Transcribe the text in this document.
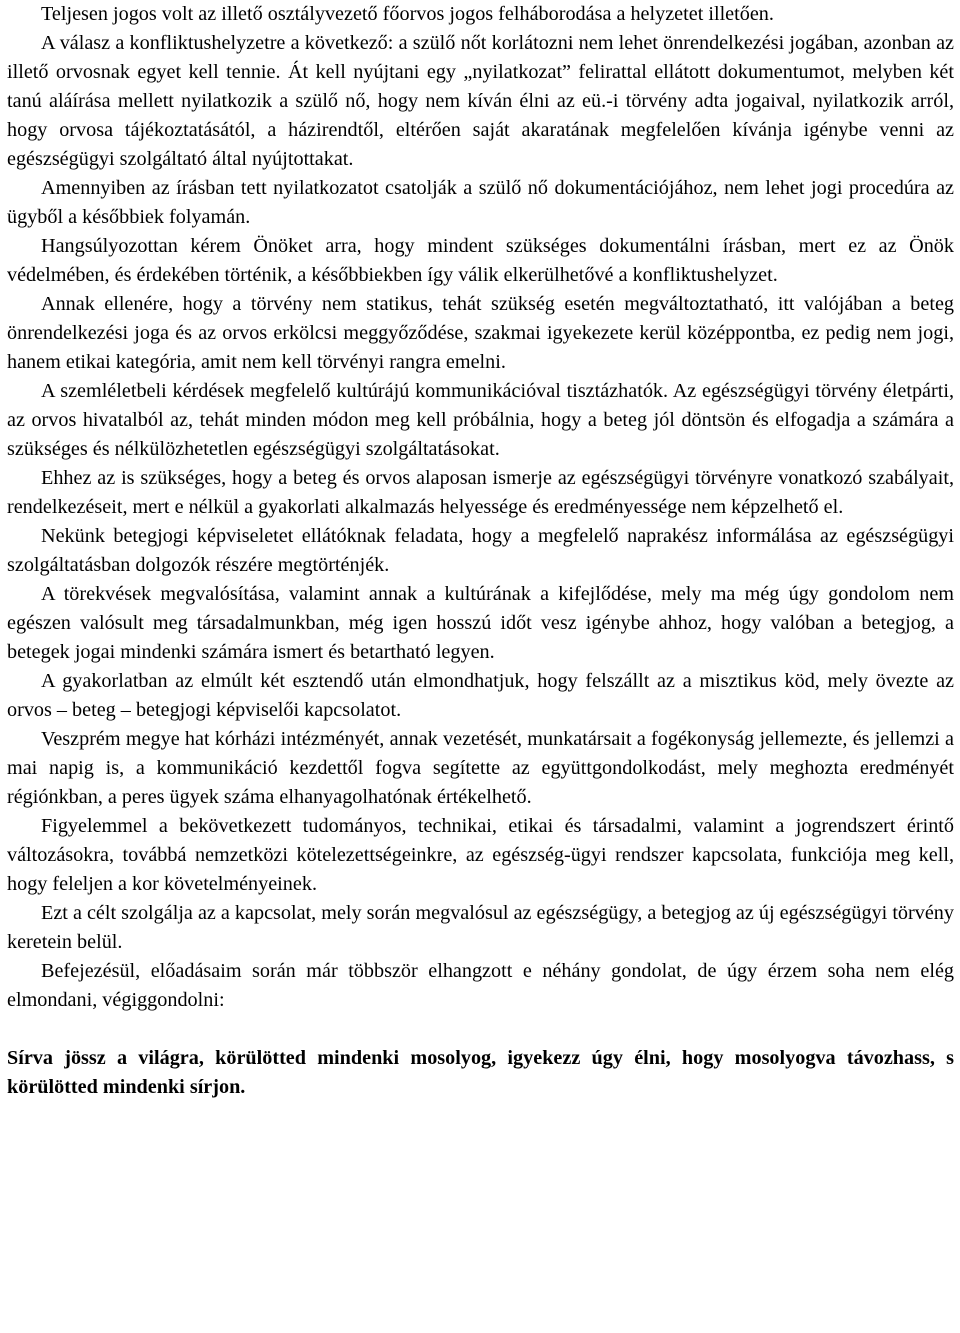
Teljesen jogos volt az illető osztályvezető főorvos jogos felháborodása a helyzetet illetően.

A válasz a konfliktushelyzetre a következő: a szülő nőt korlátozni nem lehet önrendelkezési jogában, azonban az illető orvosnak egyet kell tennie. Át kell nyújtani egy „nyilatkozat” felirattal ellátott dokumentumot, melyben két tanú aláírása mellett nyilatkozik a szülő nő, hogy nem kíván élni az eü.-i törvény adta jogaival, nyilatkozik arról, hogy orvosa tájékoztatásától, a házirendtől, eltérően saját akaratának megfelelően kívánja igénybe venni az egészségügyi szolgáltató által nyújtottakat.

Amennyiben az írásban tett nyilatkozatot csatolják a szülő nő dokumentációjához, nem lehet jogi procedúra az ügyből a későbbiek folyamán.

Hangsúlyozottan kérem Önöket arra, hogy mindent szükséges dokumentálni írásban, mert ez az Önök védelmében, és érdekében történik, a későbbiekben így válik elkerülhetővé a konfliktushelyzet.

Annak ellenére, hogy a törvény nem statikus, tehát szükség esetén megváltoztatható, itt valójában a beteg önrendelkezési joga és az orvos erkölcsi meggyőződése, szakmai igyekezete kerül középpontba, ez pedig nem jogi, hanem etikai kategória, amit nem kell törvényi rangra emelni.

A szemléletbeli kérdések megfelelő kultúrájú kommunikációval tisztázhatók. Az egészségügyi törvény életpárti, az orvos hivatalból az, tehát minden módon meg kell próbálnia, hogy a beteg jól döntsön és elfogadja a számára a szükséges és nélkülözhetetlen egészségügyi szolgáltatásokat.

Ehhez az is szükséges, hogy a beteg és orvos alaposan ismerje az egészségügyi törvényre vonatkozó szabályait, rendelkezéseit, mert e nélkül a gyakorlati alkalmazás helyessége és eredményessége nem képzelhető el.

Nekünk betegjogi képviseletet ellátóknak feladata, hogy a megfelelő naprakész informálása az egészségügyi szolgáltatásban dolgozók részére megtörténjék.

A törekvések megvalósítása, valamint annak a kultúrának a kifejlődése, mely ma még úgy gondolom nem egészen valósult meg társadalmunkban, még igen hosszú időt vesz igénybe ahhoz, hogy valóban a betegjog, a betegek jogai mindenki számára ismert és betartható legyen.

A gyakorlatban az elmúlt két esztendő után elmondhatjuk, hogy felszállt az a misztikus köd, mely övezte az orvos – beteg – betegjogi képviselői kapcsolatot.

Veszprém megye hat kórházi intézményét, annak vezetését, munkatársait a fogékonyság jellemezte, és jellemzi a mai napig is, a kommunikáció kezdettől fogva segítette az együttgondolkodást, mely meghozta eredményét régiónkban, a peres ügyek száma elhanyagolhatónak értékelhető.

Figyelemmel a bekövetkezett tudományos, technikai, etikai és társadalmi, valamint a jogrendszert érintő változásokra, továbbá nemzetközi kötelezettségeinkre, az egészség-ügyi rendszer kapcsolata, funkciója meg kell, hogy feleljen a kor követelményeinek.

Ezt a célt szolgálja az a kapcsolat, mely során megvalósul az egészségügy, a betegjog az új egészségügyi törvény keretein belül.

Befejezésül, előadásaim során már többször elhangzott e néhány gondolat, de úgy érzem soha nem elég elmondani, végiggondolni:

Sírva jössz a világra, körülötted mindenki mosolyog, igyekezz úgy élni, hogy mosolyogva távozhass, s körülötted mindenki sírjon.
